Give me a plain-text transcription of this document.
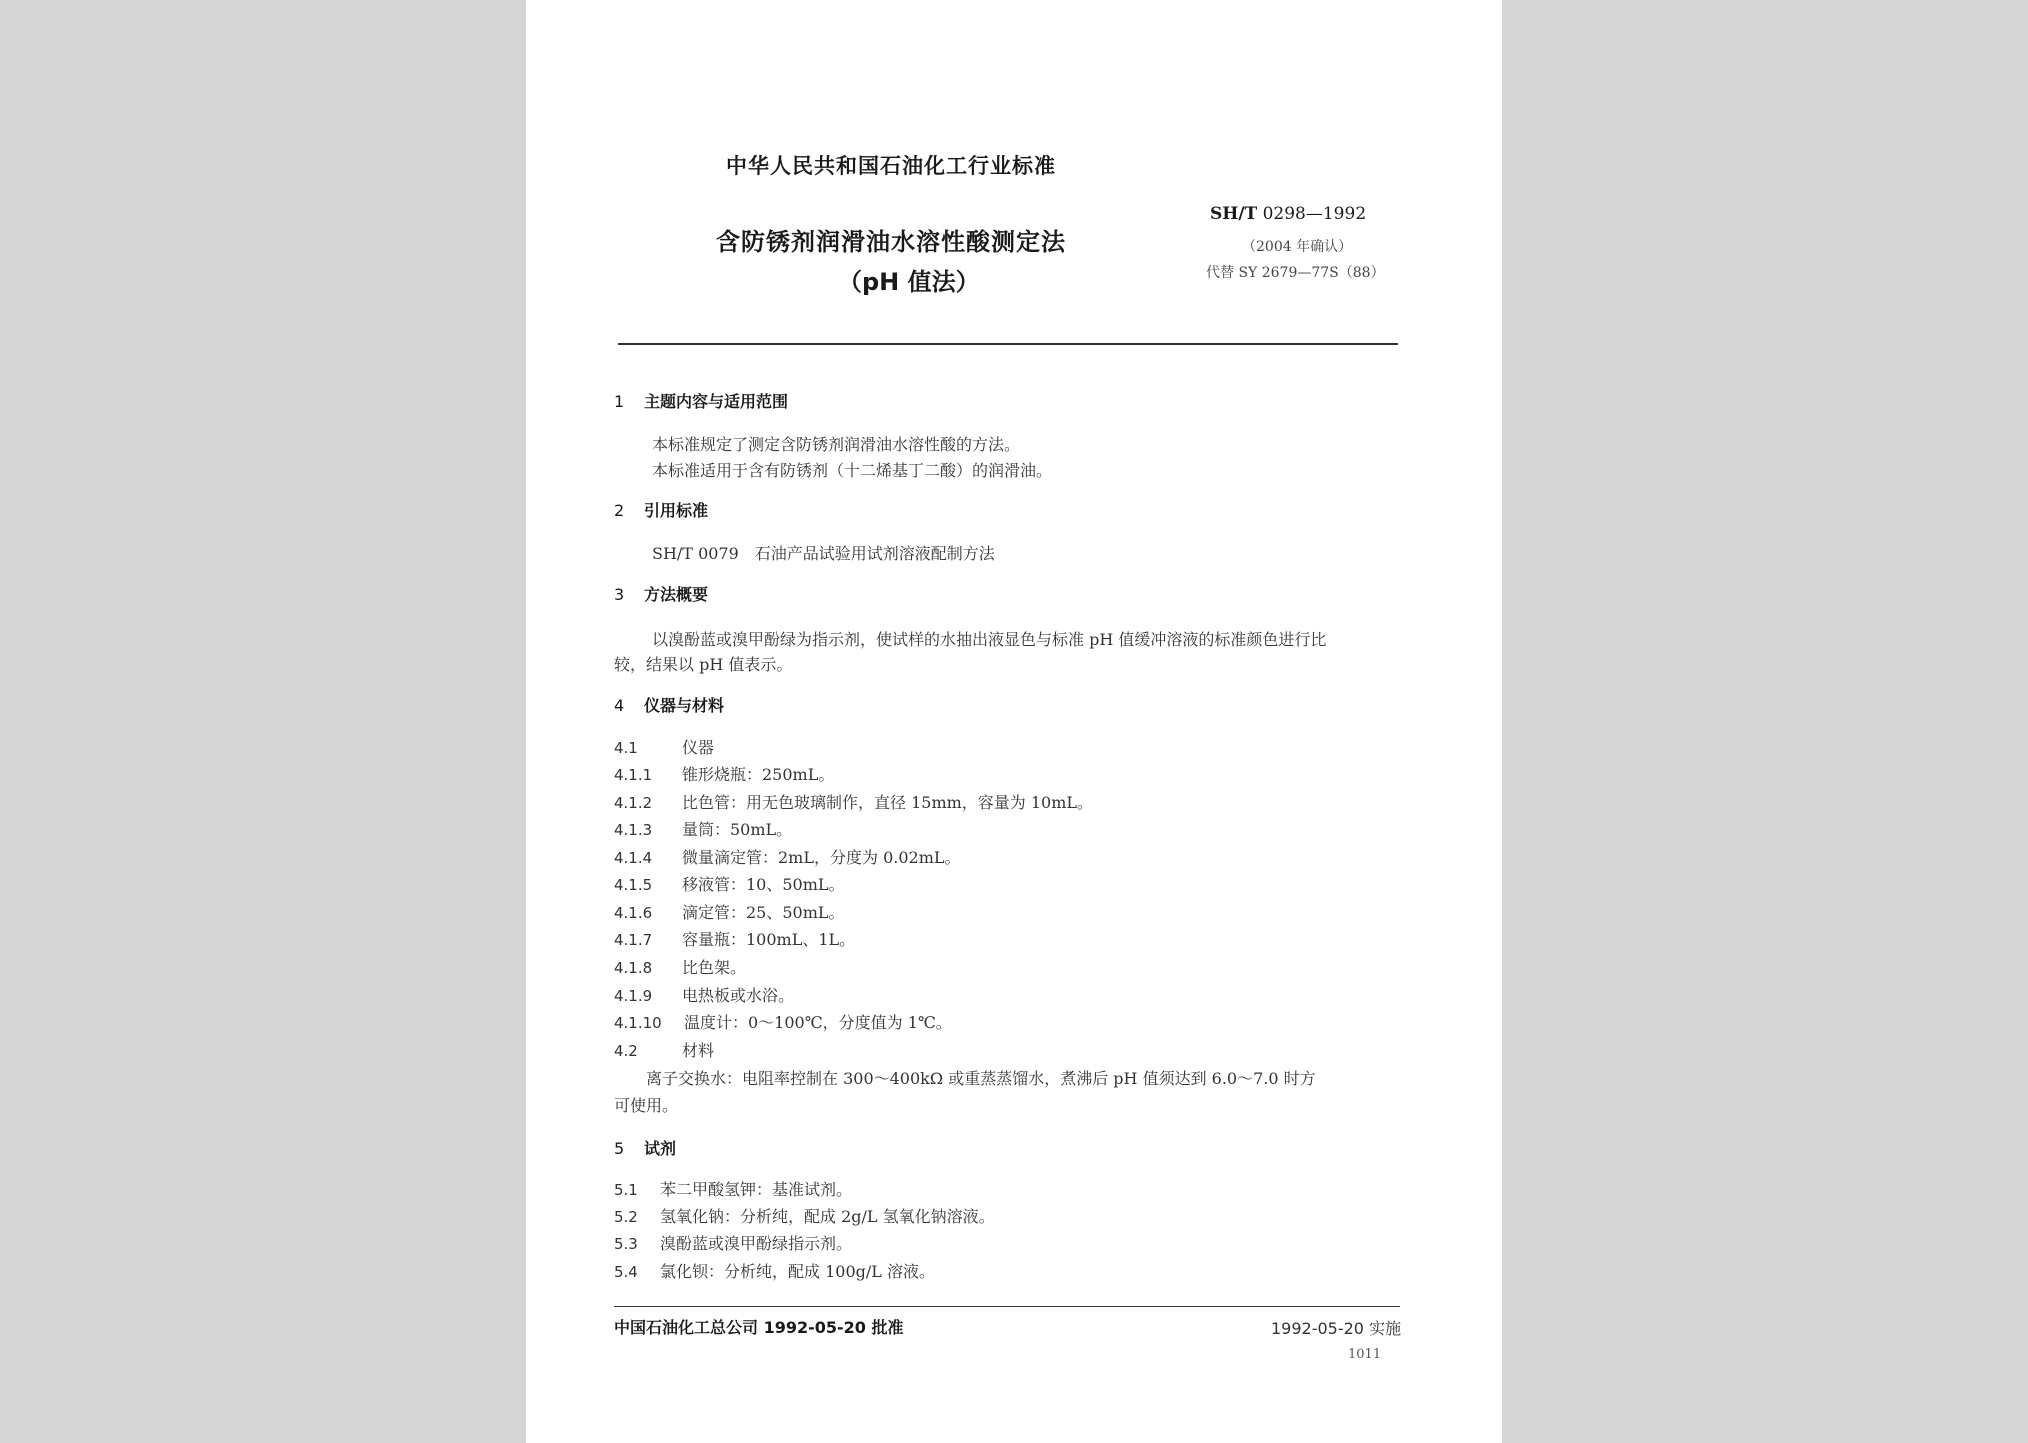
中华人民共和国石油化工行业标准
含防锈剂润滑油水溶性酸测定法
（pH 值法）
SH/T 0298—1992
（2004 年确认）
代替 SY 2679—77S（88）
1 主题内容与适用范围
本标准规定了测定含防锈剂润滑油水溶性酸的方法。
本标准适用于含有防锈剂（十二烯基丁二酸）的润滑油。
2 引用标准
SH/T 0079　石油产品试验用试剂溶液配制方法
3 方法概要
以溴酚蓝或溴甲酚绿为指示剂，使试样的水抽出液显色与标准 pH 值缓冲溶液的标准颜色进行比
较，结果以 pH 值表示。
4 仪器与材料
4.1	仪器
4.1.1 锥形烧瓶：250mL。
4.1.2 比色管：用无色玻璃制作，直径 15mm，容量为 10mL。
4.1.3 量筒：50mL。
4.1.4 微量滴定管：2mL，分度为 0.02mL。
4.1.5 移液管：10、50mL。
4.1.6 滴定管：25、50mL。
4.1.7 容量瓶：100mL、1L。
4.1.8 比色架。
4.1.9 电热板或水浴。
4.1.10 温度计：0～100℃，分度值为 1℃。
4.2	材料
离子交换水：电阻率控制在 300～400kΩ 或重蒸蒸馏水，煮沸后 pH 值须达到 6.0～7.0 时方
可使用。
5 试剂
5.1 苯二甲酸氢钾：基准试剂。
5.2 氢氧化钠：分析纯，配成 2g/L 氢氧化钠溶液。
5.3 溴酚蓝或溴甲酚绿指示剂。
5.4 氯化钡：分析纯，配成 100g/L 溶液。
中国石油化工总公司 1992-05-20 批准	1992-05-20 实施
1011
